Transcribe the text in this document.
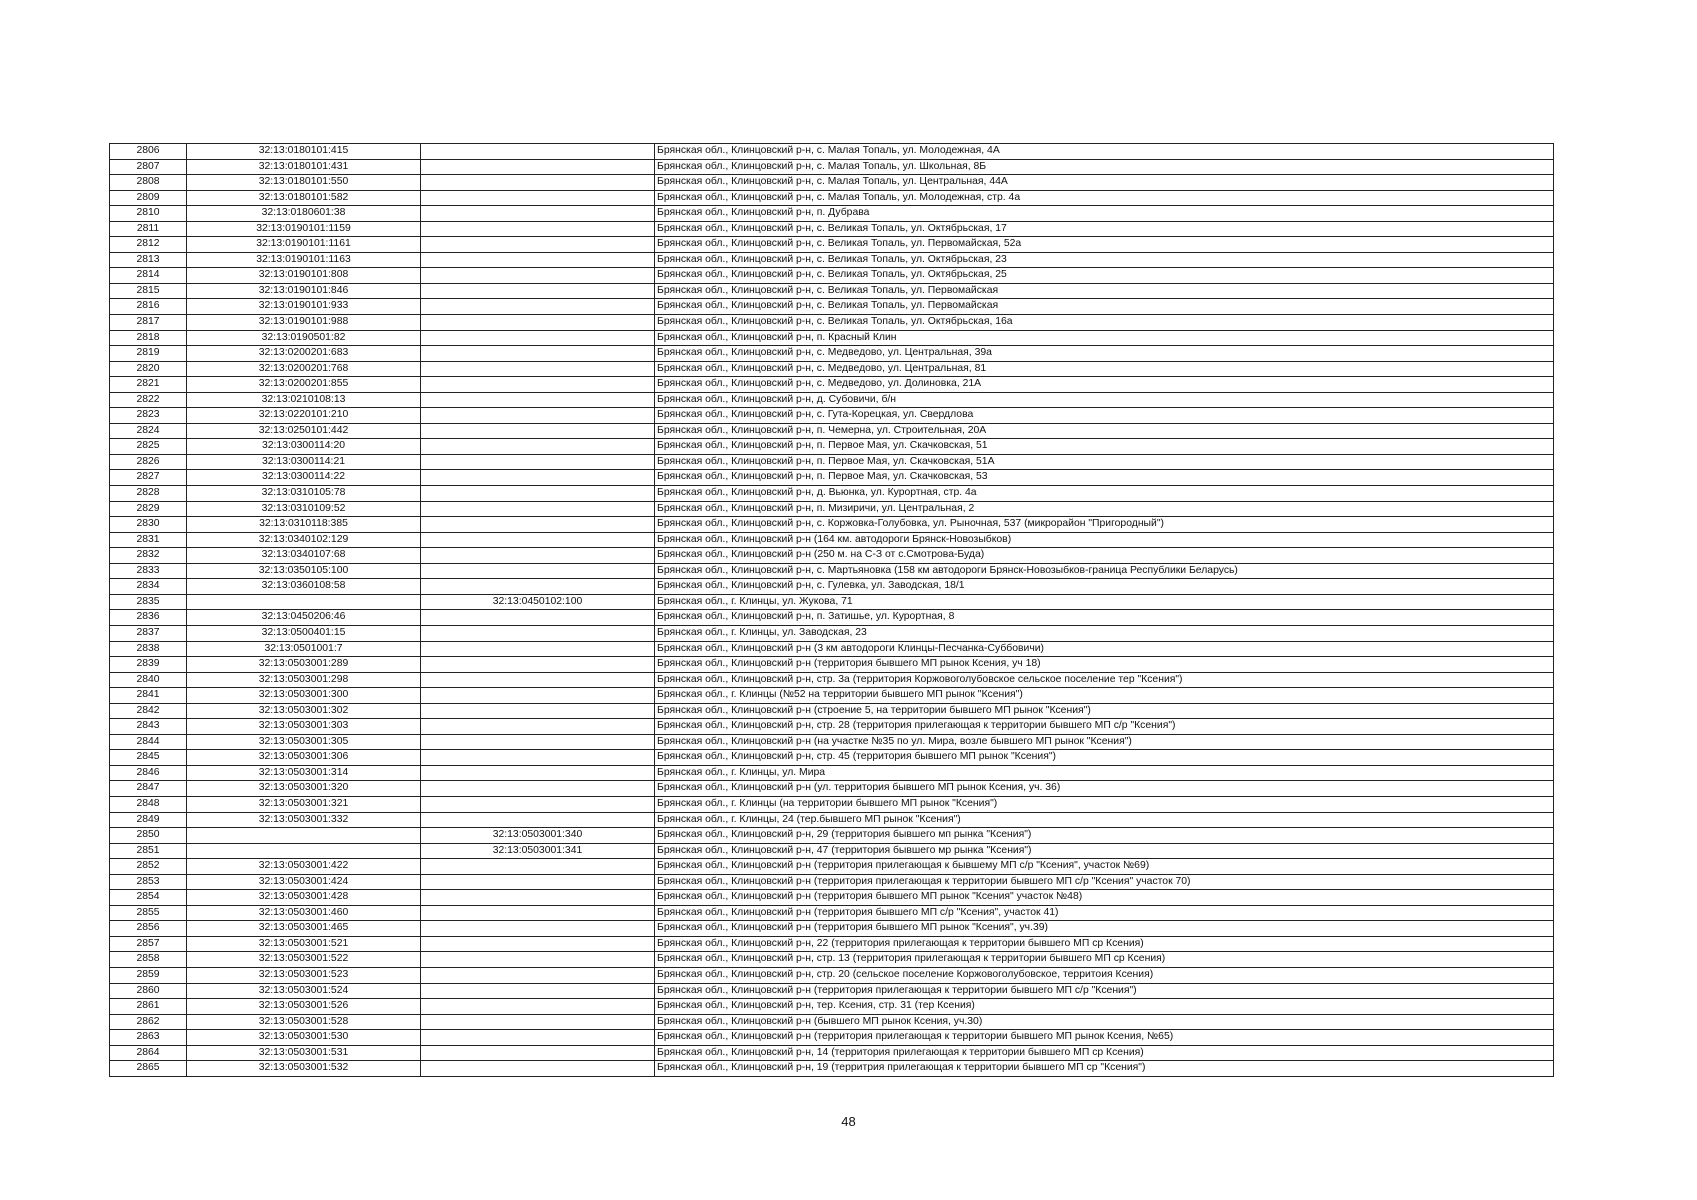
2806	32:13:0180101:415		Брянская обл., Клинцовский р-н, с. Малая Топаль, ул. Молодежная, 4А
2807	32:13:0180101:431		Брянская обл., Клинцовский р-н, с. Малая Топаль, ул. Школьная, 8Б
2808	32:13:0180101:550		Брянская обл., Клинцовский р-н, с. Малая Топаль, ул. Центральная, 44А
2809	32:13:0180101:582		Брянская обл., Клинцовский р-н, с. Малая Топаль, ул. Молодежная, стр. 4а
2810	32:13:0180601:38		Брянская обл., Клинцовский р-н, п. Дубрава
2811	32:13:0190101:1159		Брянская обл., Клинцовский р-н, с. Великая Топаль, ул. Октябрьская, 17
2812	32:13:0190101:1161		Брянская обл., Клинцовский р-н, с. Великая Топаль, ул. Первомайская, 52а
2813	32:13:0190101:1163		Брянская обл., Клинцовский р-н, с. Великая Топаль, ул. Октябрьская, 23
2814	32:13:0190101:808		Брянская обл., Клинцовский р-н, с. Великая Топаль, ул. Октябрьская, 25
2815	32:13:0190101:846		Брянская обл., Клинцовский р-н, с. Великая Топаль, ул. Первомайская
2816	32:13:0190101:933		Брянская обл., Клинцовский р-н, с. Великая Топаль, ул. Первомайская
2817	32:13:0190101:988		Брянская обл., Клинцовский р-н, с. Великая Топаль, ул. Октябрьская, 16а
2818	32:13:0190501:82		Брянская обл., Клинцовский р-н, п. Красный Клин
2819	32:13:0200201:683		Брянская обл., Клинцовский р-н, с. Медведово, ул. Центральная, 39а
2820	32:13:0200201:768		Брянская обл., Клинцовский р-н, с. Медведово, ул. Центральная, 81
2821	32:13:0200201:855		Брянская обл., Клинцовский р-н, с. Медведово, ул. Долиновка, 21А
2822	32:13:0210108:13		Брянская обл., Клинцовский р-н, д. Субовичи, б/н
2823	32:13:0220101:210		Брянская обл., Клинцовский р-н, с. Гута-Корецкая, ул. Свердлова
2824	32:13:0250101:442		Брянская обл., Клинцовский р-н, п. Чемерна, ул. Строительная, 20А
2825	32:13:0300114:20		Брянская обл., Клинцовский р-н, п. Первое Мая, ул. Скачковская, 51
2826	32:13:0300114:21		Брянская обл., Клинцовский р-н, п. Первое Мая, ул. Скачковская, 51А
2827	32:13:0300114:22		Брянская обл., Клинцовский р-н, п. Первое Мая, ул. Скачковская, 53
2828	32:13:0310105:78		Брянская обл., Клинцовский р-н, д. Вьюнка, ул. Курортная, стр. 4а
2829	32:13:0310109:52		Брянская обл., Клинцовский р-н, п. Мизиричи, ул. Центральная, 2
2830	32:13:0310118:385		Брянская обл., Клинцовский р-н, с. Коржовка-Голубовка, ул. Рыночная, 537 (микрорайон "Пригородный")
2831	32:13:0340102:129		Брянская обл., Клинцовский р-н (164 км. автодороги Брянск-Новозыбков)
2832	32:13:0340107:68		Брянская обл., Клинцовский р-н (250 м. на С-З от с.Смотрова-Буда)
2833	32:13:0350105:100		Брянская обл., Клинцовский р-н, с. Мартьяновка (158 км автодороги Брянск-Новозыбков-граница Республики Беларусь)
2834	32:13:0360108:58		Брянская обл., Клинцовский р-н, с. Гулевка, ул. Заводская, 18/1
2835		32:13:0450102:100	Брянская обл., г. Клинцы, ул. Жукова, 71
2836	32:13:0450206:46		Брянская обл., Клинцовский р-н, п. Затишье, ул. Курортная, 8
2837	32:13:0500401:15		Брянская обл., г. Клинцы, ул. Заводская, 23
2838	32:13:0501001:7		Брянская обл., Клинцовский р-н (3 км автодороги Клинцы-Песчанка-Суббовичи)
2839	32:13:0503001:289		Брянская обл., Клинцовский р-н (территория бывшего МП рынок Ксения, уч 18)
2840	32:13:0503001:298		Брянская обл., Клинцовский р-н, стр. 3а (территория Коржовоголубовское сельское поселение тер "Ксения")
2841	32:13:0503001:300		Брянская обл., г. Клинцы (№52 на территории бывшего МП рынок "Ксения")
2842	32:13:0503001:302		Брянская обл., Клинцовский р-н (строение 5, на территории бывшего МП рынок "Ксения")
2843	32:13:0503001:303		Брянская обл., Клинцовский р-н, стр. 28 (территория прилегающая к территории бывшего МП с/р "Ксения")
2844	32:13:0503001:305		Брянская обл., Клинцовский р-н (на участке №35 по ул. Мира, возле бывшего МП рынок "Ксения")
2845	32:13:0503001:306		Брянская обл., Клинцовский р-н, стр. 45 (территория бывшего МП рынок "Ксения")
2846	32:13:0503001:314		Брянская обл., г. Клинцы, ул. Мира
2847	32:13:0503001:320		Брянская обл., Клинцовский р-н (ул. территория бывшего МП рынок Ксения, уч. 36)
2848	32:13:0503001:321		Брянская обл., г. Клинцы (на территории бывшего МП рынок "Ксения")
2849	32:13:0503001:332		Брянская обл., г. Клинцы, 24 (тер.бывшего МП рынок "Ксения")
2850		32:13:0503001:340	Брянская обл., Клинцовский р-н, 29 (территория бывшего мп рынка "Ксения")
2851		32:13:0503001:341	Брянская обл., Клинцовский р-н, 47 (территория бывшего мр рынка "Ксения")
2852	32:13:0503001:422		Брянская обл., Клинцовский р-н (территория прилегающая к бывшему МП с/р "Ксения", участок №69)
2853	32:13:0503001:424		Брянская обл., Клинцовский р-н (территория прилегающая к территории бывшего МП с/р "Ксения" участок 70)
2854	32:13:0503001:428		Брянская обл., Клинцовский р-н (территория бывшего МП рынок "Ксения" участок №48)
2855	32:13:0503001:460		Брянская обл., Клинцовский р-н (территория бывшего МП с/р "Ксения", участок 41)
2856	32:13:0503001:465		Брянская обл., Клинцовский р-н (территория бывшего МП рынок "Ксения", уч.39)
2857	32:13:0503001:521		Брянская обл., Клинцовский р-н, 22 (территория прилегающая к территории бывшего МП ср Ксения)
2858	32:13:0503001:522		Брянская обл., Клинцовский р-н, стр. 13 (территория прилегающая к территории бывшего МП ср Ксения)
2859	32:13:0503001:523		Брянская обл., Клинцовский р-н, стр. 20 (сельское поселение Коржовоголубовское, территоия Ксения)
2860	32:13:0503001:524		Брянская обл., Клинцовский р-н (территория прилегающая к территории бывшего МП с/р "Ксения")
2861	32:13:0503001:526		Брянская обл., Клинцовский р-н, тер. Ксения, стр. 31 (тер Ксения)
2862	32:13:0503001:528		Брянская обл., Клинцовский р-н (бывшего МП рынок Ксения, уч.30)
2863	32:13:0503001:530		Брянская обл., Клинцовский р-н (территория прилегающая к территории бывшего МП рынок Ксения, №65)
2864	32:13:0503001:531		Брянская обл., Клинцовский р-н, 14 (территория прилегающая к территории бывшего МП ср Ксения)
2865	32:13:0503001:532		Брянская обл., Клинцовский р-н, 19 (территрия прилегающая к территории бывшего МП ср "Ксения")
48
